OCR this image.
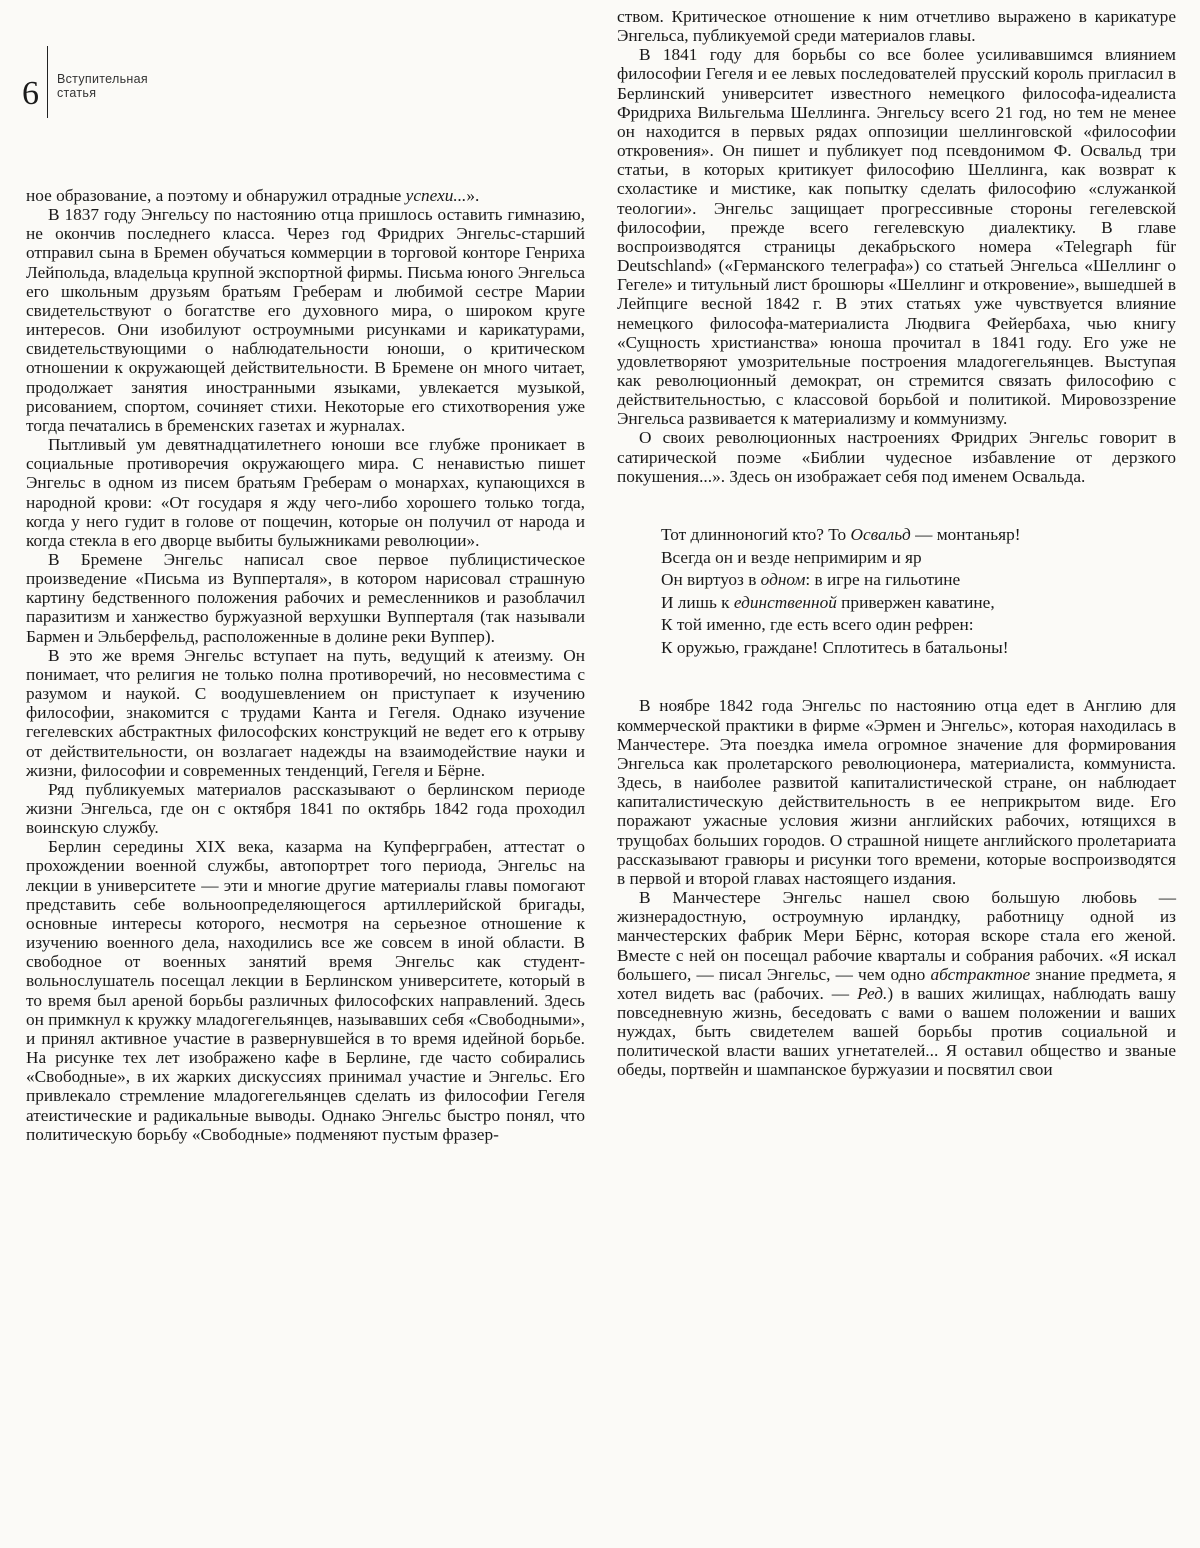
6 Вступительная
статья

ное образование, а поэтому и обнаружил отрадные успехи...».

В 1837 году Энгельсу по настоянию отца пришлось оставить гимназию, не окончив последнего класса. Через год Фридрих Энгельс-старший отправил сына в Бремен обучаться коммерции в торговой конторе Генриха Лейпольда, владельца крупной экспортной фирмы. Письма юного Энгельса его школьным друзьям братьям Греберам и любимой сестре Марии свидетельствуют о богатстве его духовного мира, о широком круге интересов. Они изобилуют остроумными рисунками и карикатурами, свидетельствующими о наблюдательности юноши, о критическом отношении к окружающей действительности. В Бремене он много читает, продолжает занятия иностранными языками, увлекается музыкой, рисованием, спортом, сочиняет стихи. Некоторые его стихотворения уже тогда печатались в бременских газетах и журналах.

Пытливый ум девятнадцатилетнего юноши все глубже проникает в социальные противоречия окружающего мира. С ненавистью пишет Энгельс в одном из писем братьям Греберам о монархах, купающихся в народной крови: «От государя я жду чего-либо хорошего только тогда, когда у него гудит в голове от пощечин, которые он получил от народа и когда стекла в его дворце выбиты булыжниками революции».

В Бремене Энгельс написал свое первое публицистическое произведение «Письма из Вупперталя», в котором нарисовал страшную картину бедственного положения рабочих и ремесленников и разоблачил паразитизм и ханжество буржуазной верхушки Вупперталя (так называли Бармен и Эльберфельд, расположенные в долине реки Вуппер).

В это же время Энгельс вступает на путь, ведущий к атеизму. Он понимает, что религия не только полна противоречий, но несовместима с разумом и наукой. С воодушевлением он приступает к изучению философии, знакомится с трудами Канта и Гегеля. Однако изучение гегелевских абстрактных философских конструкций не ведет его к отрыву от действительности, он возлагает надежды на взаимодействие науки и жизни, философии и современных тенденций, Гегеля и Бёрне.

Ряд публикуемых материалов рассказывают о берлинском периоде жизни Энгельса, где он с октября 1841 по октябрь 1842 года проходил воинскую службу.

Берлин середины XIX века, казарма на Купферграбен, аттестат о прохождении военной службы, автопортрет того периода, Энгельс на лекции в университете — эти и многие другие материалы главы помогают представить себе вольноопределяющегося артиллерийской бригады, основные интересы которого, несмотря на серьезное отношение к изучению военного дела, находились все же совсем в иной области. В свободное от военных занятий время Энгельс как студент-вольнослушатель посещал лекции в Берлинском университете, который в то время был ареной борьбы различных философских направлений. Здесь он примкнул к кружку младогегельянцев, называвших себя «Свободными», и принял активное участие в развернувшейся в то время идейной борьбе. На рисунке тех лет изображено кафе в Берлине, где часто собирались «Свободные», в их жарких дискуссиях принимал участие и Энгельс. Его привлекало стремление младогегельянцев сделать из философии Гегеля атеистические и радикальные выводы. Однако Энгельс быстро понял, что политическую борьбу «Свободные» подменяют пустым фразер-

ством. Критическое отношение к ним отчетливо выражено в карикатуре Энгельса, публикуемой среди материалов главы.

В 1841 году для борьбы со все более усиливавшимся влиянием философии Гегеля и ее левых последователей прусский король пригласил в Берлинский университет известного немецкого философа-идеалиста Фридриха Вильгельма Шеллинга. Энгельсу всего 21 год, но тем не менее он находится в первых рядах оппозиции шеллинговской «философии откровения». Он пишет и публикует под псевдонимом Ф. Освальд три статьи, в которых критикует философию Шеллинга, как возврат к схоластике и мистике, как попытку сделать философию «служанкой теологии». Энгельс защищает прогрессивные стороны гегелевской философии, прежде всего гегелевскую диалектику. В главе воспроизводятся страницы декабрьского номера «Telegraph für Deutschland» («Германского телеграфа») со статьей Энгельса «Шеллинг о Гегеле» и титульный лист брошюры «Шеллинг и откровение», вышедшей в Лейпциге весной 1842 г. В этих статьях уже чувствуется влияние немецкого философа-материалиста Людвига Фейербаха, чью книгу «Сущность христианства» юноша прочитал в 1841 году. Его уже не удовлетворяют умозрительные построения младогегельянцев. Выступая как революционный демократ, он стремится связать философию с действительностью, с классовой борьбой и политикой. Мировоззрение Энгельса развивается к материализму и коммунизму.

О своих революционных настроениях Фридрих Энгельс говорит в сатирической поэме «Библии чудесное избавление от дерзкого покушения...». Здесь он изображает себя под именем Освальда.

Тот длинноногий кто? То Освальд — монтаньяр!
Всегда он и везде непримирим и яр
Он виртуоз в одном: в игре на гильотине
И лишь к единственной привержен каватине,
К той именно, где есть всего один рефрен:
К оружью, граждане! Сплотитесь в батальоны!

В ноябре 1842 года Энгельс по настоянию отца едет в Англию для коммерческой практики в фирме «Эрмен и Энгельс», которая находилась в Манчестере. Эта поездка имела огромное значение для формирования Энгельса как пролетарского революционера, материалиста, коммуниста. Здесь, в наиболее развитой капиталистической стране, он наблюдает капиталистическую действительность в ее неприкрытом виде. Его поражают ужасные условия жизни английских рабочих, ютящихся в трущобах больших городов. О страшной нищете английского пролетариата рассказывают гравюры и рисунки того времени, которые воспроизводятся в первой и второй главах настоящего издания.

В Манчестере Энгельс нашел свою большую любовь — жизнерадостную, остроумную ирландку, работницу одной из манчестерских фабрик Мери Бёрнс, которая вскоре стала его женой. Вместе с ней он посещал рабочие кварталы и собрания рабочих. «Я искал большего, — писал Энгельс, — чем одно абстрактное знание предмета, я хотел видеть вас (рабочих. — Ред.) в ваших жилищах, наблюдать вашу повседневную жизнь, беседовать с вами о вашем положении и ваших нуждах, быть свидетелем вашей борьбы против социальной и политической власти ваших угнетателей... Я оставил общество и званые обеды, портвейн и шампанское буржуазии и посвятил свои
